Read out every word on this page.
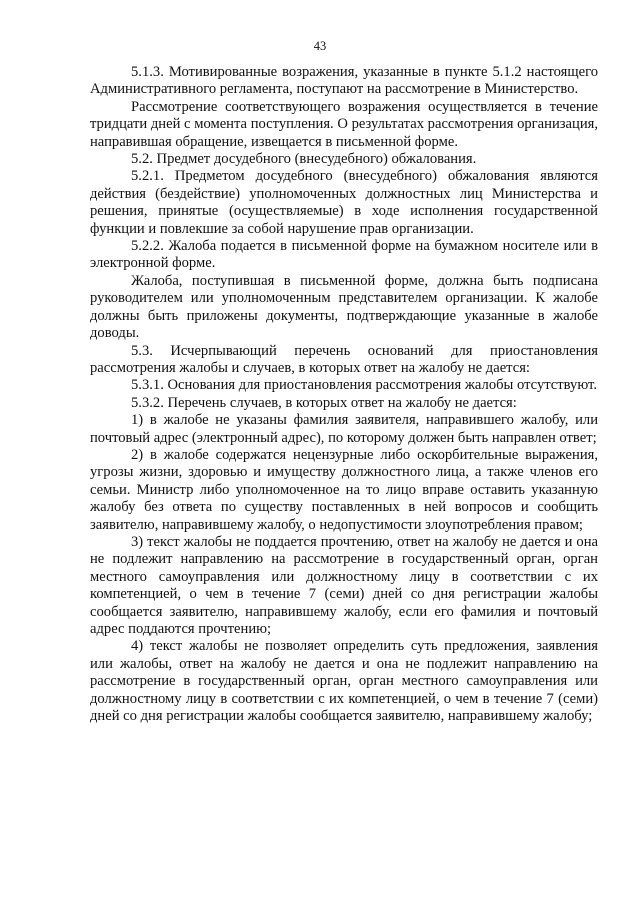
43

5.1.3. Мотивированные возражения, указанные в пункте 5.1.2 настоящего Административного регламента, поступают на рассмотрение в Министерство.

Рассмотрение соответствующего возражения осуществляется в течение тридцати дней с момента поступления. О результатах рассмотрения организация, направившая обращение, извещается в письменной форме.

5.2. Предмет досудебного (внесудебного) обжалования.

5.2.1. Предметом досудебного (внесудебного) обжалования являются действия (бездействие) уполномоченных должностных лиц Министерства и решения, принятые (осуществляемые) в ходе исполнения государственной функции и повлекшие за собой нарушение прав организации.

5.2.2. Жалоба подается в письменной форме на бумажном носителе или в электронной форме.

Жалоба, поступившая в письменной форме, должна быть подписана руководителем или уполномоченным представителем организации. К жалобе должны быть приложены документы, подтверждающие указанные в жалобе доводы.

5.3. Исчерпывающий перечень оснований для приостановления рассмотрения жалобы и случаев, в которых ответ на жалобу не дается:

5.3.1. Основания для приостановления рассмотрения жалобы отсутствуют.

5.3.2. Перечень случаев, в которых ответ на жалобу не дается:

1) в жалобе не указаны фамилия заявителя, направившего жалобу, или почтовый адрес (электронный адрес), по которому должен быть направлен ответ;

2) в жалобе содержатся нецензурные либо оскорбительные выражения, угрозы жизни, здоровью и имуществу должностного лица, а также членов его семьи. Министр либо уполномоченное на то лицо вправе оставить указанную жалобу без ответа по существу поставленных в ней вопросов и сообщить заявителю, направившему жалобу, о недопустимости злоупотребления правом;

3) текст жалобы не поддается прочтению, ответ на жалобу не дается и она не подлежит направлению на рассмотрение в государственный орган, орган местного самоуправления или должностному лицу в соответствии с их компетенцией, о чем в течение 7 (семи) дней со дня регистрации жалобы сообщается заявителю, направившему жалобу, если его фамилия и почтовый адрес поддаются прочтению;

4) текст жалобы не позволяет определить суть предложения, заявления или жалобы, ответ на жалобу не дается и она не подлежит направлению на рассмотрение в государственный орган, орган местного самоуправления или должностному лицу в соответствии с их компетенцией, о чем в течение 7 (семи) дней со дня регистрации жалобы сообщается заявителю, направившему жалобу;
